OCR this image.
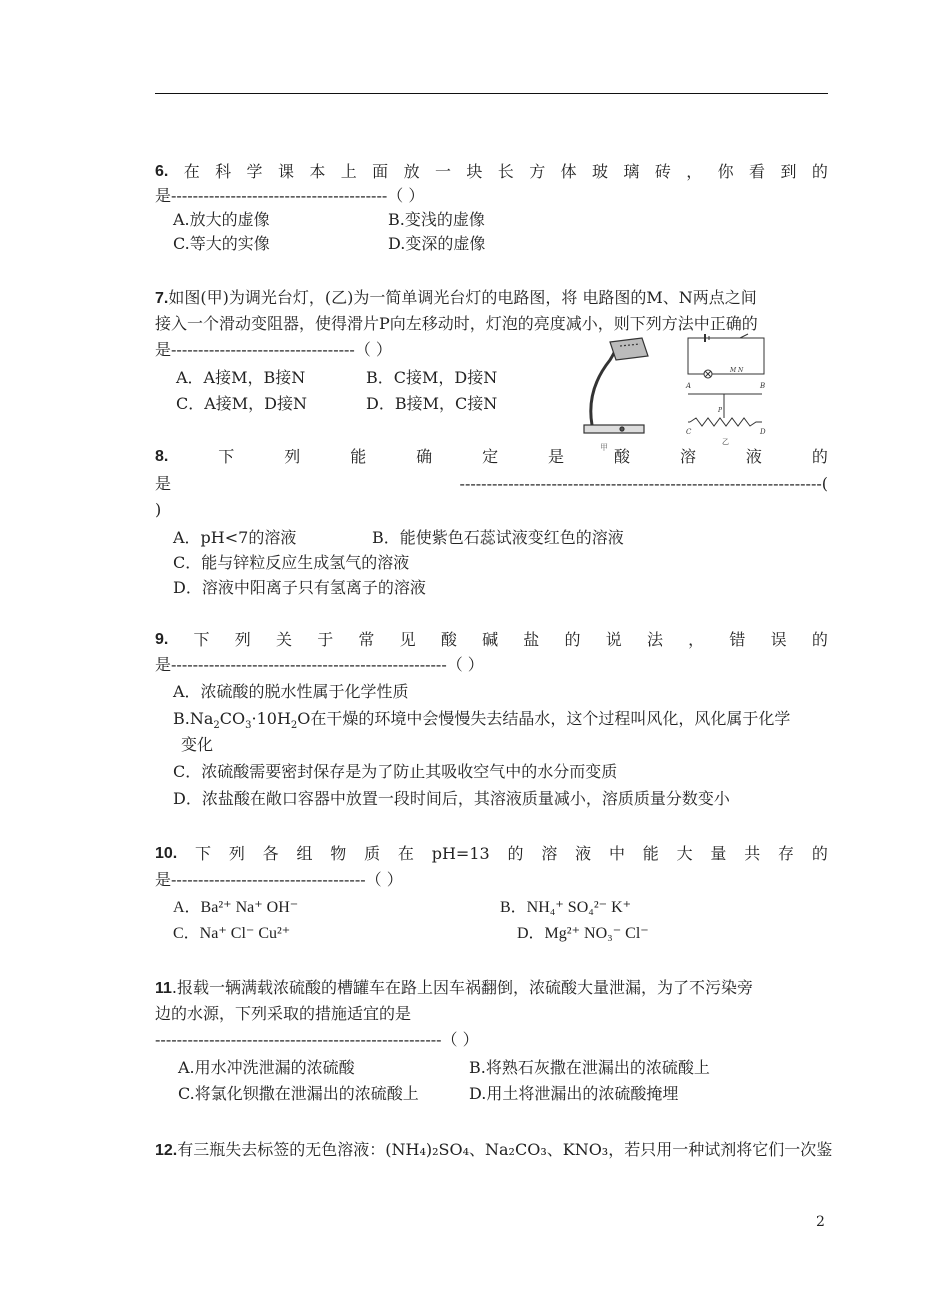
6. 在 科 学 课 本 上 面 放 一 块 长 方 体 玻 璃 砖 ， 你 看 到 的
是----------------------------------------（ ）
A.放大的虚像	B.变浅的虚像
C.等大的实像	D.变深的虚像
7.如图(甲)为调光台灯，(乙)为一简单调光台灯的电路图，将 电路图的M、N两点之间
接入一个滑动变阻器，使得滑片P向左移动时，灯泡的亮度减小，则下列方法中正确的
是----------------------------------（ ）
A．A接M，B接N	B．C接M，D接N
C．A接M，D接N	D．B接M，C接N
甲
A	B
C	D
M N
P
乙
8.	下	列	能	确	定	是	酸	溶	液	的
是	-------------------------------------------------------------------(
)
A．pH<7的溶液	B．能使紫色石蕊试液变红色的溶液
C．能与锌粒反应生成氢气的溶液
D．溶液中阳离子只有氢离子的溶液
9. 下 列 关 于 常 见 酸 碱 盐 的 说 法 ， 错 误 的
是---------------------------------------------------（ ）
A．浓硫酸的脱水性属于化学性质
$B.Na_2CO_3\cdot 10H_2O$在干燥的环境中会慢慢失去结晶水，这个过程叫风化，风化属于化学
变化
C．浓硫酸需要密封保存是为了防止其吸收空气中的水分而变质
D．浓盐酸在敞口容器中放置一段时间后，其溶液质量减小，溶质质量分数变小
10. 下 列 各 组 物 质 在 pH=13 的 溶 液 中 能 大 量 共 存 的
是------------------------------------（ ）
A．Ba²⁺ Na⁺ OH⁻	B．NH₄⁺ SO₄²⁻ K⁺
C．Na⁺ Cl⁻ Cu²⁺	D．Mg²⁺ NO₃⁻ Cl⁻
11.报载一辆满载浓硫酸的槽罐车在路上因车祸翻倒，浓硫酸大量泄漏，为了不污染旁
边的水源，下列采取的措施适宜的是
-----------------------------------------------------（ ）
A.用水冲洗泄漏的浓硫酸	B.将熟石灰撒在泄漏出的浓硫酸上
C.将氯化钡撒在泄漏出的浓硫酸上	D.用土将泄漏出的浓硫酸掩埋
12.有三瓶失去标签的无色溶液：(NH₄)₂SO₄、Na₂CO₃、KNO₃，若只用一种试剂将它们一次鉴
2
